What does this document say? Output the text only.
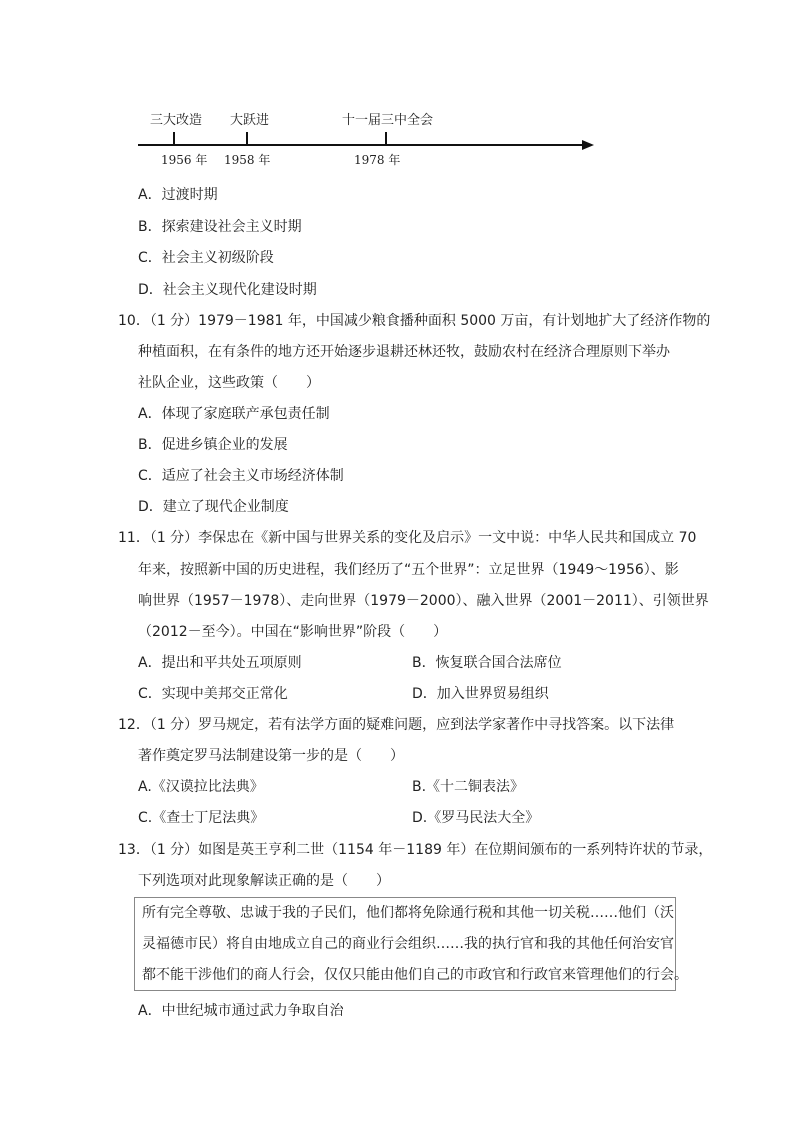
三大改造 大跃进	十一届三中全会
1956 年 1958 年	1978 年
A．过渡时期
B．探索建设社会主义时期
C．社会主义初级阶段
D．社会主义现代化建设时期
10．（1 分）1979－1981 年，中国减少粮食播种面积 5000 万亩，有计划地扩大了经济作物的
种植面积，在有条件的地方还开始逐步退耕还林还牧，鼓励农村在经济合理原则下举办
社队企业，这些政策（　　）
A．体现了家庭联产承包责任制
B．促进乡镇企业的发展
C．适应了社会主义市场经济体制
D．建立了现代企业制度
11．（1 分）李保忠在《新中国与世界关系的变化及启示》一文中说：中华人民共和国成立 70
年来，按照新中国的历史进程，我们经历了“五个世界”：立足世界（1949～1956）、影
响世界（1957－1978）、走向世界（1979－2000）、融入世界（2001－2011）、引领世界
（2012－至今）。中国在“影响世界”阶段（　　）
A．提出和平共处五项原则	B．恢复联合国合法席位
C．实现中美邦交正常化	D．加入世界贸易组织
12．（1 分）罗马规定，若有法学方面的疑难问题，应到法学家著作中寻找答案。以下法律
著作奠定罗马法制建设第一步的是（　　）
A.《汉谟拉比法典》	B.《十二铜表法》
C.《查士丁尼法典》	D.《罗马民法大全》
13．（1 分）如图是英王亨利二世（1154 年－1189 年）在位期间颁布的一系列特许状的节录，
下列选项对此现象解读正确的是（　　）
所有完全尊敬、忠诚于我的子民们，他们都将免除通行税和其他一切关税……他们（沃
灵福德市民）将自由地成立自己的商业行会组织……我的执行官和我的其他任何治安官
都不能干涉他们的商人行会，仅仅只能由他们自己的市政官和行政官来管理他们的行会。
A．中世纪城市通过武力争取自治
